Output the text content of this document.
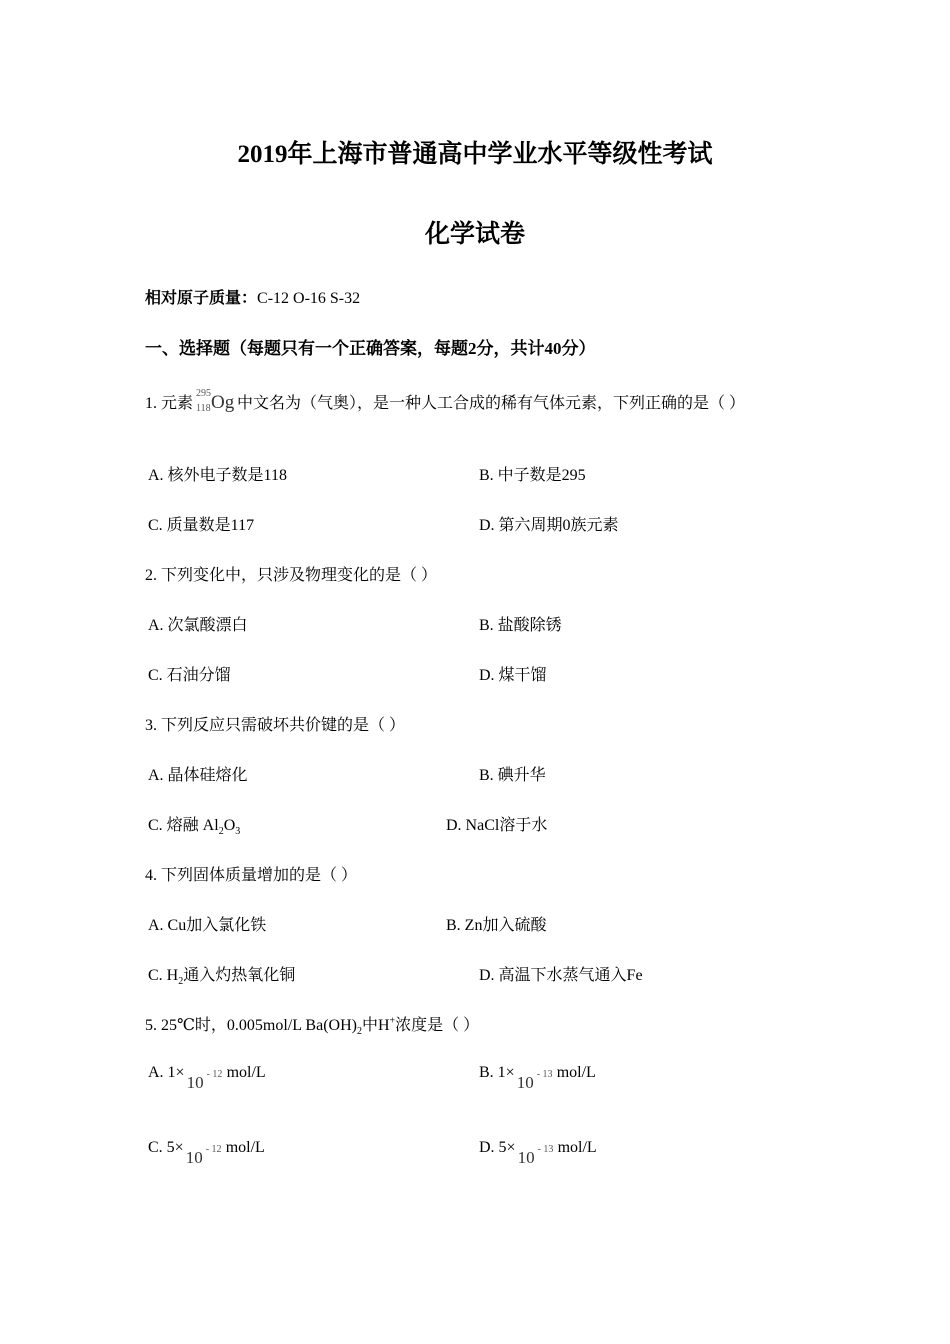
2019年上海市普通高中学业水平等级性考试
化学试卷
相对原子质量：C-12 O-16 S-32
一、选择题（每题只有一个正确答案，每题2分，共计40分）
1. 元素
295
118 Og 中文名为（气奥），是一种人工合成的稀有气体元素，下列正确的是（ ）
A. 核外电子数是118	B. 中子数是295
C. 质量数是117	D. 第六周期0族元素
2. 下列变化中，只涉及物理变化的是（ ）
A. 次氯酸漂白	B. 盐酸除锈
C. 石油分馏	D. 煤干馏
3. 下列反应只需破坏共价键的是（ ）
A. 晶体硅熔化	B. 碘升华
C. 熔融 $Al_2O_3$	D. NaCl溶于水
4. 下列固体质量增加的是（ ）
A. Cu加入氯化铁	B. Zn加入硫酸
C. $H_2$通入灼热氧化铜	D. 高温下水蒸气通入Fe
5. 25℃时，0.005mol/L $Ba(OH)_2$中H+浓度是（ ）
A. 1×
10 - 12 mol/L	B. 1×
10 - 13 mol/L
C. 5×
10 - 12 mol/L	D. 5×
10 - 13 mol/L
